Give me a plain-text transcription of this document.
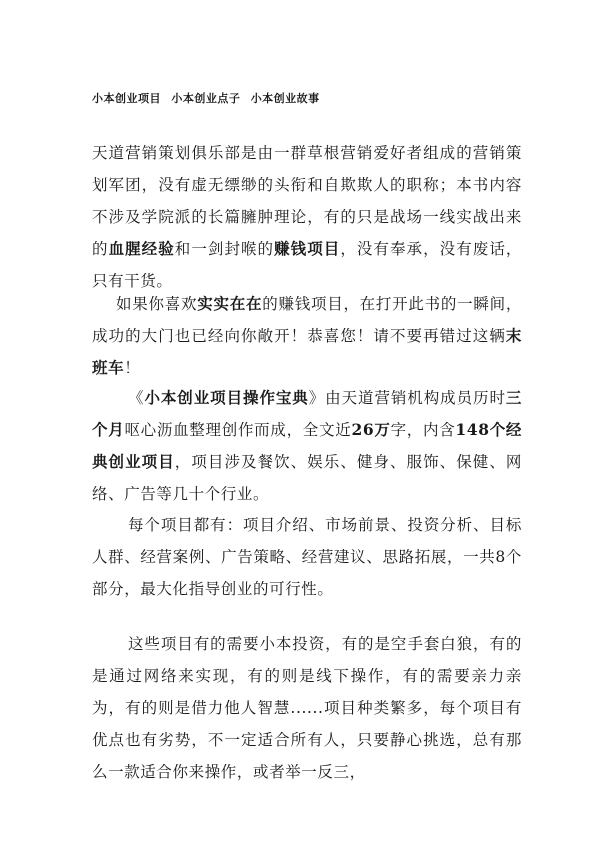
小本创业项目 小本创业点子 小本创业故事
天道营销策划俱乐部是由一群草根营销爱好者组成的营销策划军团，没有虚无缥缈的头衔和自欺欺人的职称；本书内容不涉及学院派的长篇臃肿理论，有的只是战场一线实战出来的血腥经验和一剑封喉的赚钱项目，没有奉承，没有废话，只有干货。
如果你喜欢实实在在的赚钱项目，在打开此书的一瞬间，成功的大门也已经向你敞开！恭喜您！请不要再错过这辆末班车！
《小本创业项目操作宝典》由天道营销机构成员历时三个月呕心沥血整理创作而成，全文近26万字，内含148个经典创业项目，项目涉及餐饮、娱乐、健身、服饰、保健、网络、广告等几十个行业。
每个项目都有：项目介绍、市场前景、投资分析、目标人群、经营案例、广告策略、经营建议、思路拓展，一共8个部分，最大化指导创业的可行性。
这些项目有的需要小本投资，有的是空手套白狼，有的是通过网络来实现，有的则是线下操作，有的需要亲力亲为，有的则是借力他人智慧......项目种类繁多，每个项目有优点也有劣势，不一定适合所有人，只要静心挑选，总有那么一款适合你来操作，或者举一反三，
